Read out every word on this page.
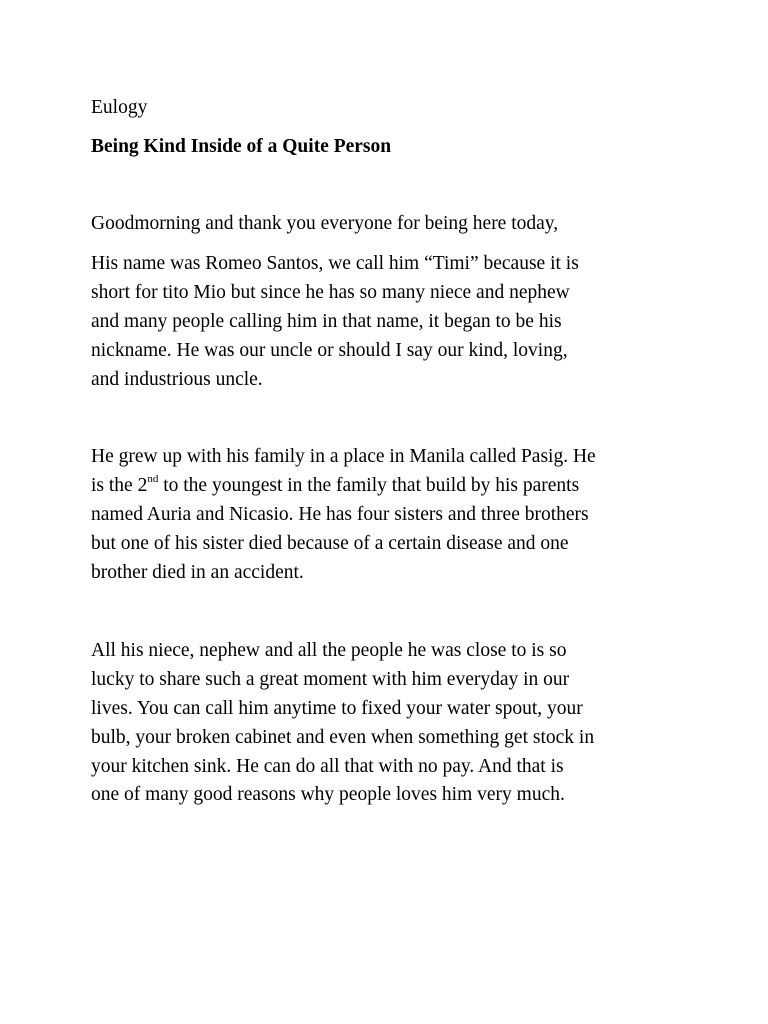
Eulogy
Being Kind Inside of a Quite Person
Goodmorning and thank you everyone for being here today,
His name was Romeo Santos, we call him “Timi” because it is
short for tito Mio but since he has so many niece and nephew
and many people calling him in that name, it began to be his
nickname. He was our uncle or should I say our kind, loving,
and industrious uncle.
He grew up with his family in a place in Manila called Pasig. He
is the 2nd to the youngest in the family that build by his parents
named Auria and Nicasio. He has four sisters and three brothers
but one of his sister died because of a certain disease and one
brother died in an accident.
All his niece, nephew and all the people he was close to is so
lucky to share such a great moment with him everyday in our
lives. You can call him anytime to fixed your water spout, your
bulb, your broken cabinet and even when something get stock in
your kitchen sink. He can do all that with no pay. And that is
one of many good reasons why people loves him very much.
